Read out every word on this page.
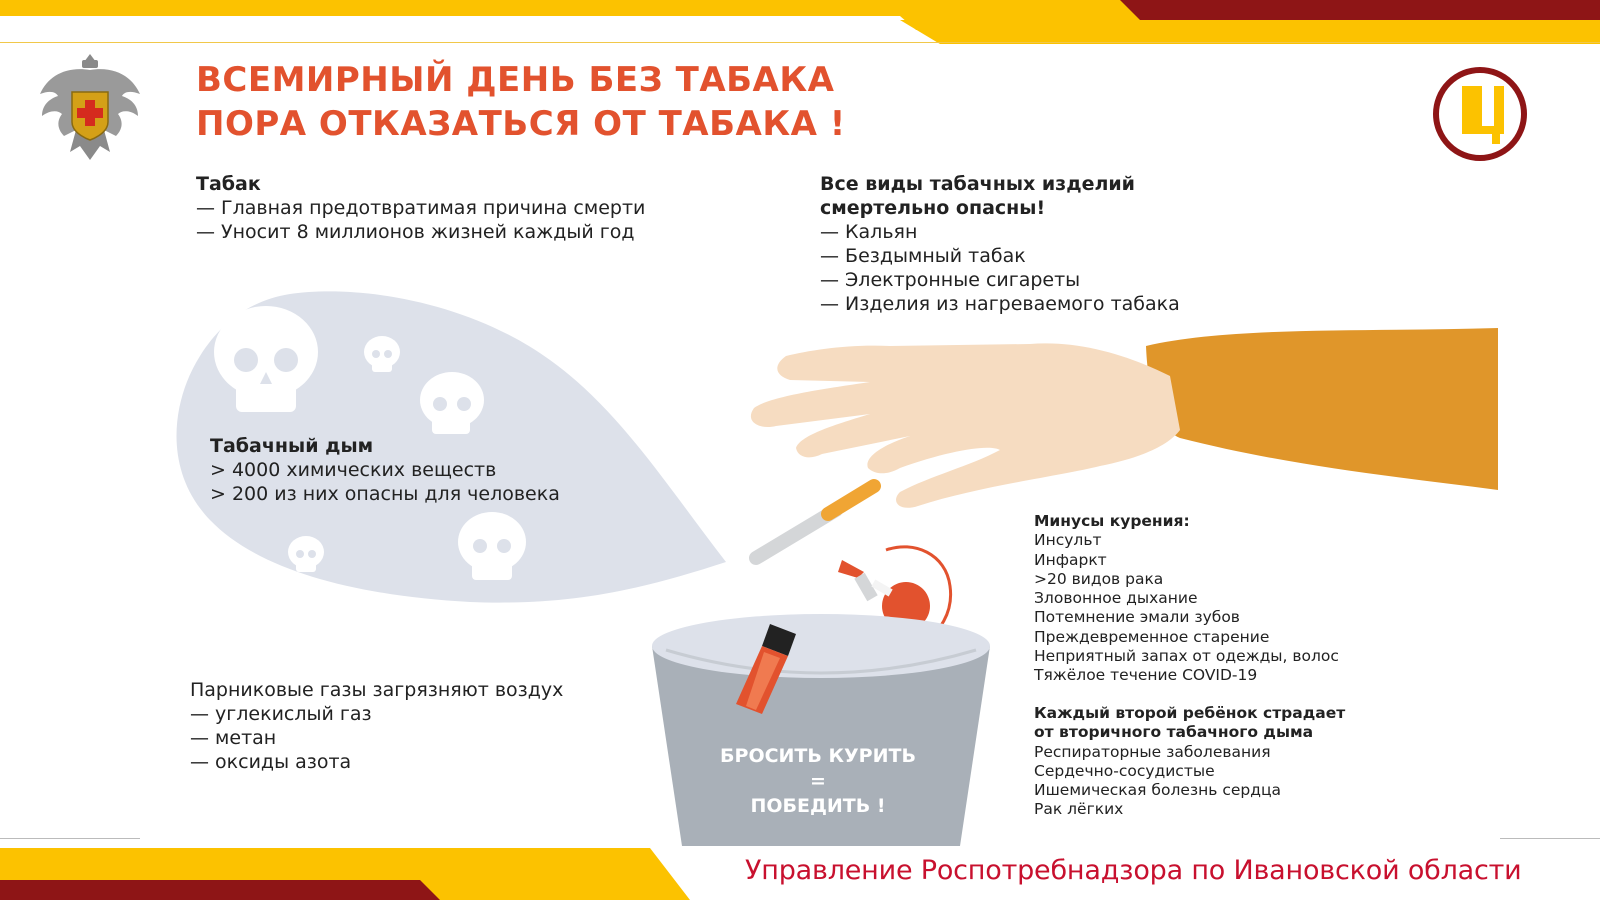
ВСЕМИРНЫЙ ДЕНЬ БЕЗ ТАБАКА
ПОРА ОТКАЗАТЬСЯ ОТ ТАБАКА !
Табак
— Главная предотвратимая причина смерти
— Уносит 8 миллионов жизней каждый год
Все виды табачных изделий
смертельно опасны!
— Кальян
— Бездымный табак
— Электронные сигареты
— Изделия из нагреваемого табака
Табачный дым
> 4000 химических веществ
> 200 из них опасны для человека
БРОСИТЬ КУРИТЬ
=
ПОБЕДИТЬ !
Парниковые газы загрязняют воздух
— углекислый газ
— метан
— оксиды азота
Минусы курения:
Инсульт
Инфаркт
>20 видов рака
Зловонное дыхание
Потемнение эмали зубов
Преждевременное старение
Неприятный запах от одежды, волос
Тяжёлое течение COVID-19
Каждый второй ребёнок страдает
от вторичного табачного дыма
Респираторные заболевания
Сердечно-сосудистые
Ишемическая болезнь сердца
Рак лёгких
Управление Роспотребнадзора по Ивановской области
